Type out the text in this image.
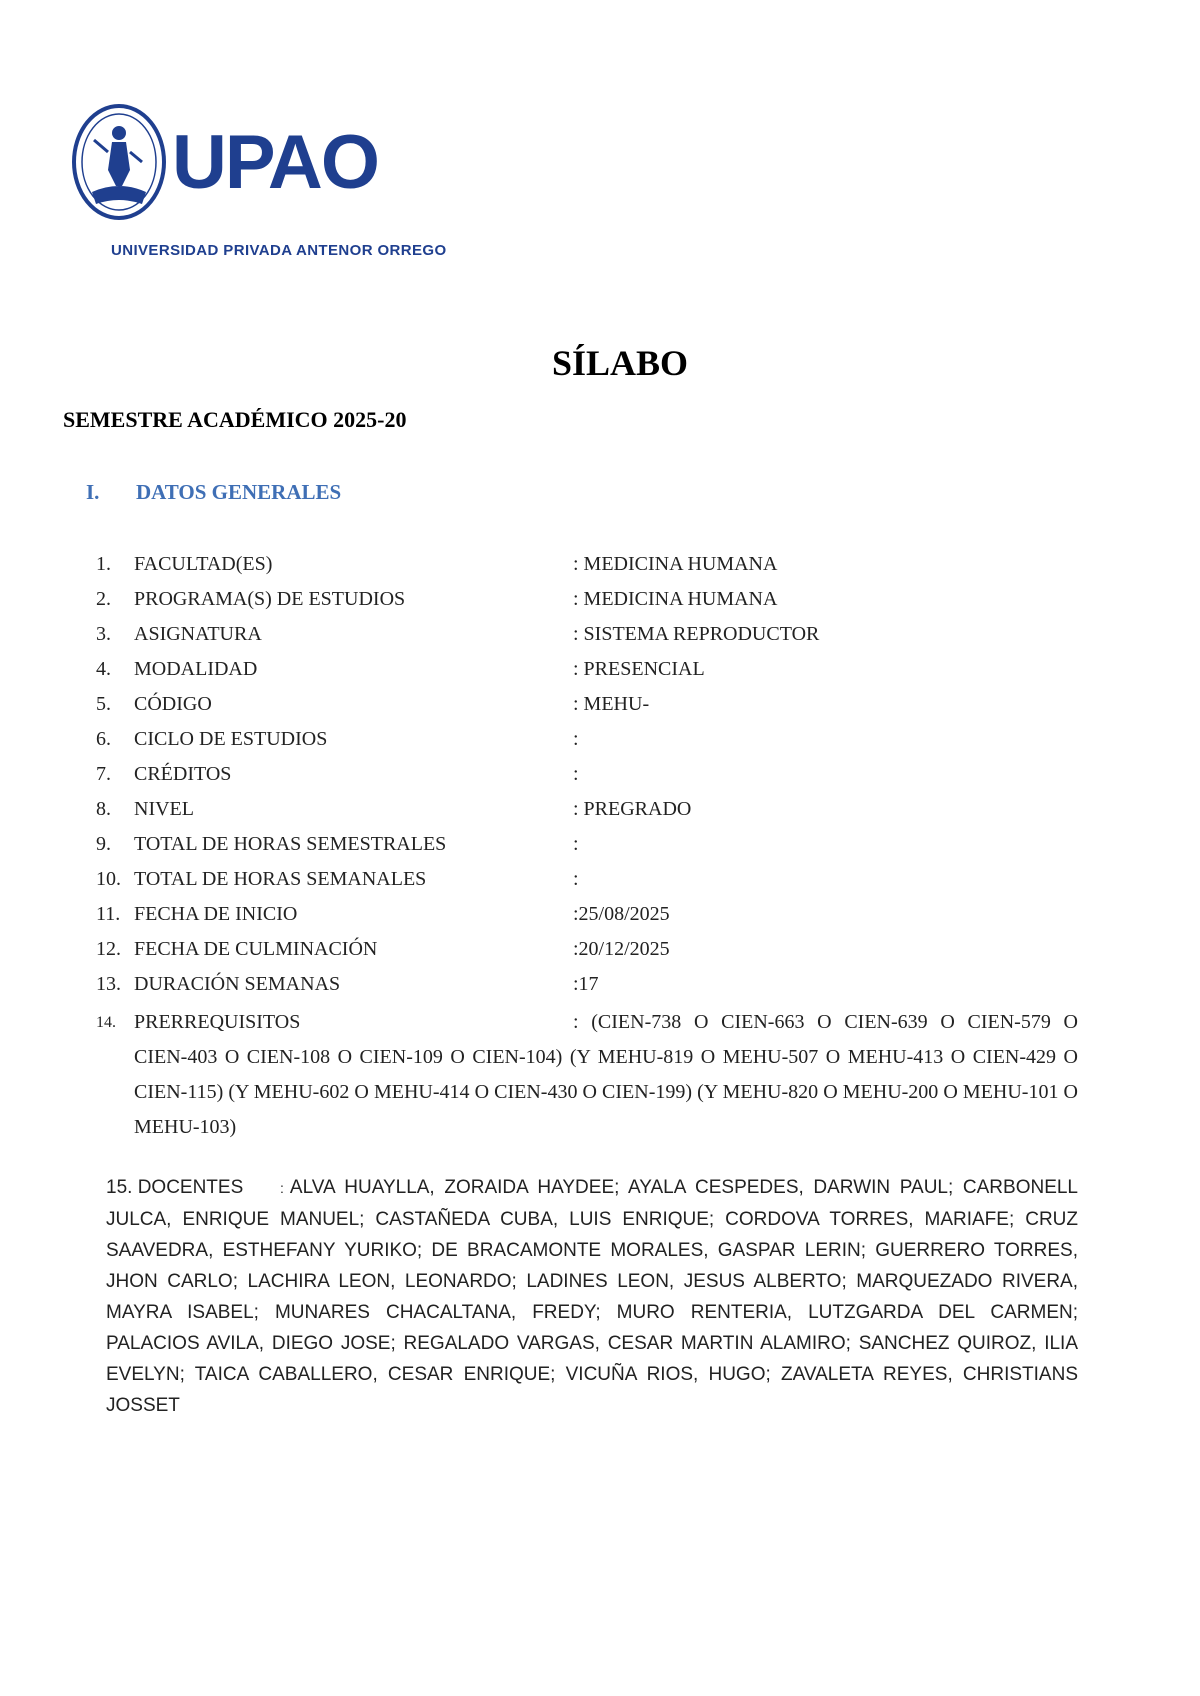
UPAO
UNIVERSIDAD PRIVADA ANTENOR ORREGO
SÍLABO
SEMESTRE ACADÉMICO 2025-20
I. DATOS GENERALES
1. FACULTAD(ES)	: MEDICINA HUMANA
2. PROGRAMA(S) DE ESTUDIOS	: MEDICINA HUMANA
3. ASIGNATURA	: SISTEMA REPRODUCTOR
4. MODALIDAD	: PRESENCIAL
5. CÓDIGO	: MEHU-
6. CICLO DE ESTUDIOS	:
7. CRÉDITOS	:
8. NIVEL	: PREGRADO
9. TOTAL DE HORAS SEMESTRALES	:
10. TOTAL DE HORAS SEMANALES	:
11. FECHA DE INICIO	:25/08/2025
12. FECHA DE CULMINACIÓN	:20/12/2025
13. DURACIÓN SEMANAS	:17
14. PRERREQUISITOS	: (CIEN-738 O CIEN-663 O CIEN-639 O CIEN-579 O
CIEN-403 O CIEN-108 O CIEN-109 O CIEN-104) (Y MEHU-819 O MEHU-507 O MEHU-413 O CIEN-429 O CIEN-115) (Y MEHU-602 O MEHU-414 O CIEN-430 O CIEN-199) (Y MEHU-820 O MEHU-200 O MEHU-101 O MEHU-103)
15. DOCENTES	: ALVA HUAYLLA, ZORAIDA HAYDEE; AYALA CESPEDES, DARWIN PAUL; CARBONELL JULCA, ENRIQUE MANUEL; CASTAÑEDA CUBA, LUIS ENRIQUE; CORDOVA TORRES, MARIAFE; CRUZ SAAVEDRA, ESTHEFANY YURIKO; DE BRACAMONTE MORALES, GASPAR LERIN; GUERRERO TORRES, JHON CARLO; LACHIRA LEON, LEONARDO; LADINES LEON, JESUS ALBERTO; MARQUEZADO RIVERA, MAYRA ISABEL; MUNARES CHACALTANA, FREDY; MURO RENTERIA, LUTZGARDA DEL CARMEN; PALACIOS AVILA, DIEGO JOSE; REGALADO VARGAS, CESAR MARTIN ALAMIRO; SANCHEZ QUIROZ, ILIA EVELYN; TAICA CABALLERO, CESAR ENRIQUE; VICUÑA RIOS, HUGO; ZAVALETA REYES, CHRISTIANS JOSSET
